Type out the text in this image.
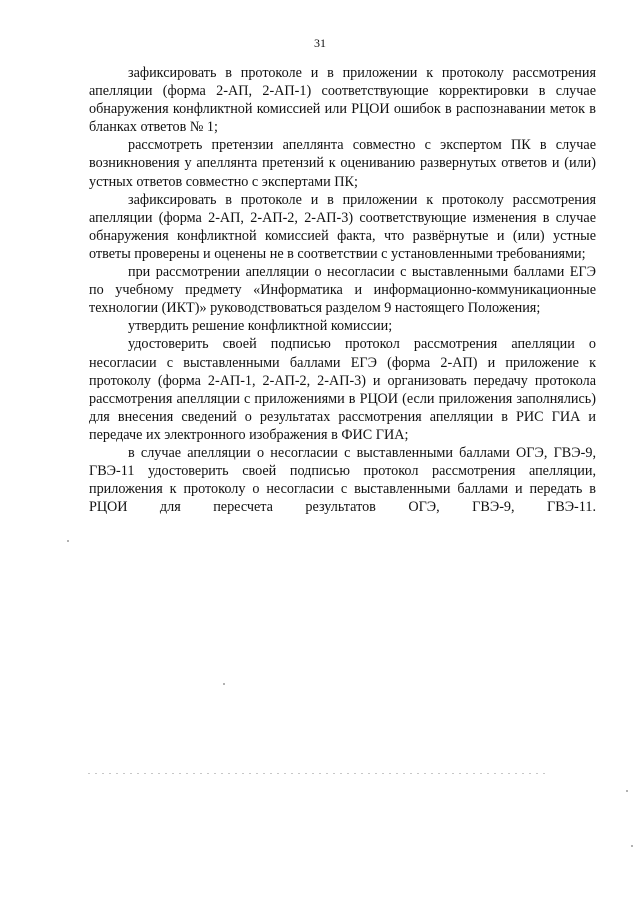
31

зафиксировать в протоколе и в приложении к протоколу рассмотрения апелляции (форма 2-АП, 2-АП-1) соответствующие корректировки в случае обнаружения конфликтной комиссией или РЦОИ ошибок в распознавании меток в бланках ответов № 1;

рассмотреть претензии апеллянта совместно с экспертом ПК в случае возникновения у апеллянта претензий к оцениванию развернутых ответов и (или) устных ответов совместно с экспертами ПК;

зафиксировать в протоколе и в приложении к протоколу рассмотрения апелляции (форма 2-АП, 2-АП-2, 2-АП-3) соответствующие изменения в случае обнаружения конфликтной комиссией факта, что развёрнутые и (или) устные ответы проверены и оценены не в соответствии с установленными требованиями;

при рассмотрении апелляции о несогласии с выставленными баллами ЕГЭ по учебному предмету «Информатика и информационно-коммуникационные технологии (ИКТ)» руководствоваться разделом 9 настоящего Положения;

утвердить решение конфликтной комиссии;

удостоверить своей подписью протокол рассмотрения апелляции о несогласии с выставленными баллами ЕГЭ (форма 2-АП) и приложение к протоколу (форма 2-АП-1, 2-АП-2, 2-АП-3) и организовать передачу протокола рассмотрения апелляции с приложениями в РЦОИ (если приложения заполнялись) для внесения сведений о результатах рассмотрения апелляции в РИС ГИА и передаче их электронного изображения в ФИС ГИА;

в случае апелляции о несогласии с выставленными баллами ОГЭ, ГВЭ-9, ГВЭ-11 удостоверить своей подписью протокол рассмотрения апелляции, приложения к протоколу о несогласии с выставленными баллами и передать в РЦОИ для пересчета результатов ОГЭ, ГВЭ-9, ГВЭ-11.
